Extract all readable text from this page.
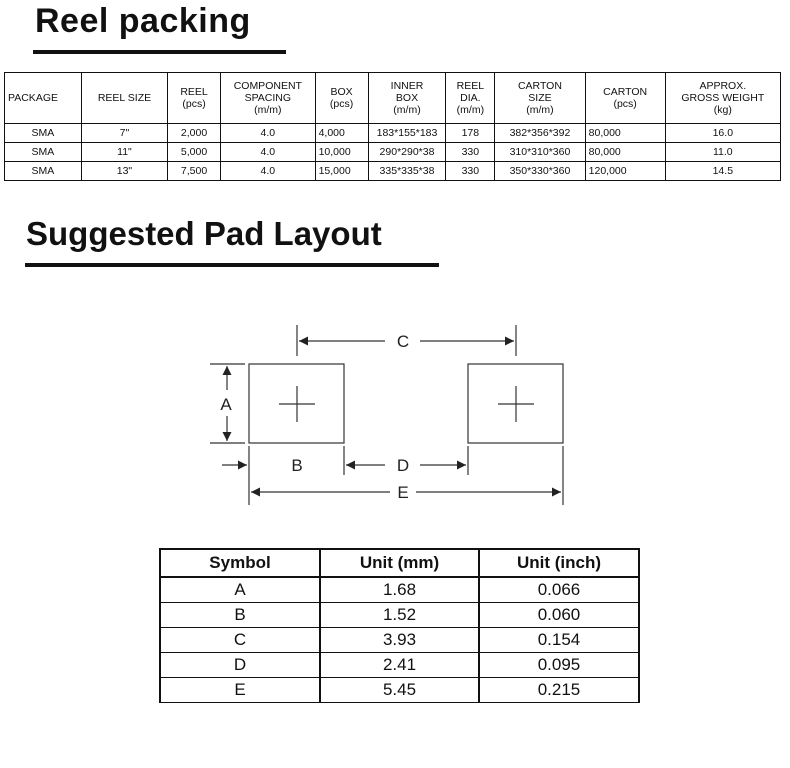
Reel packing
PACKAGE	REEL SIZE	REEL
(pcs)	COMPONENT
SPACING
(m/m)	BOX
(pcs)	INNER
BOX
(m/m)	REEL
DIA.
(m/m)	CARTON
SIZE
(m/m)	CARTON
(pcs)	APPROX.
GROSS WEIGHT
(kg)
SMA	7"	2,000	4.0	4,000	183*155*183	178	382*356*392	80,000	16.0
SMA	11"	5,000	4.0	10,000	290*290*38	330	310*310*360	80,000	11.0
SMA	13"	7,500	4.0	15,000	335*335*38	330	350*330*360	120,000	14.5
Suggested Pad Layout
C
A
B	D
E
Symbol	Unit (mm)	Unit (inch)
A	1.68	0.066
B	1.52	0.060
C	3.93	0.154
D	2.41	0.095
E	5.45	0.215
